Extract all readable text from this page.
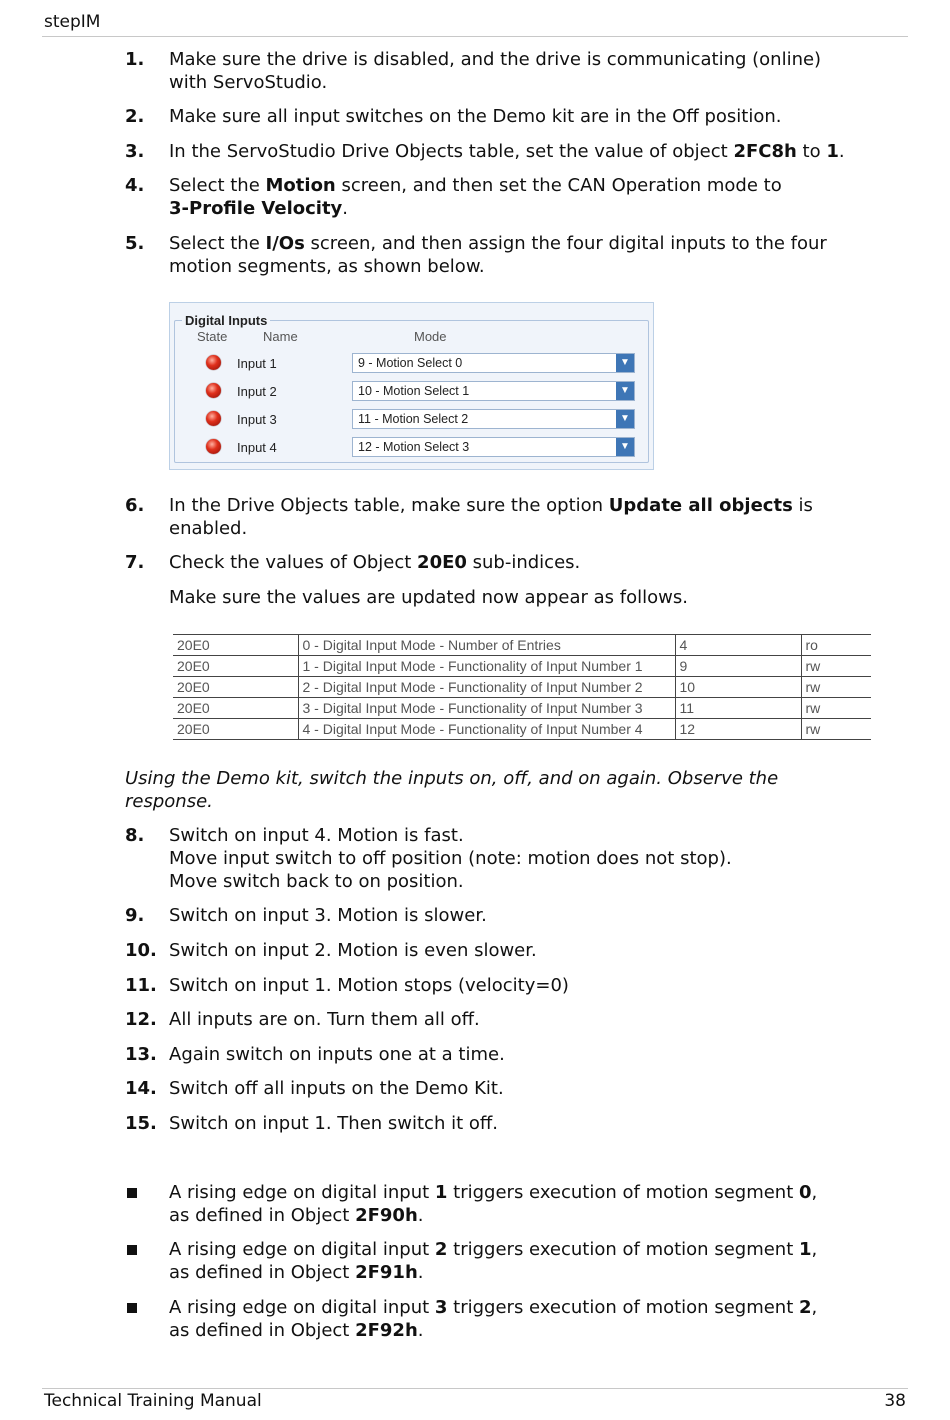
stepIM
1. Make sure the drive is disabled, and the drive is communicating (online)
with ServoStudio.
2. Make sure all input switches on the Demo kit are in the Off position.
3. In the ServoStudio Drive Objects table, set the value of object 2FC8h to 1.
4. Select the Motion screen, and then set the CAN Operation mode to
3-Profile Velocity.
5. Select the I/Os screen, and then assign the four digital inputs to the four
motion segments, as shown below.
Digital Inputs
State	Name	Mode
Input 1	9 - Motion Select 0	▼
Input 2	10 - Motion Select 1	▼
Input 3	11 - Motion Select 2	▼
Input 4	12 - Motion Select 3	▼
6. In the Drive Objects table, make sure the option Update all objects is
enabled.
7. Check the values of Object 20E0 sub-indices.
Make sure the values are updated now appear as follows.
20E0	0 - Digital Input Mode - Number of Entries	4	ro
20E0	1 - Digital Input Mode - Functionality of Input Number 1	9	rw
20E0	2 - Digital Input Mode - Functionality of Input Number 2	10	rw
20E0	3 - Digital Input Mode - Functionality of Input Number 3	11	rw
20E0	4 - Digital Input Mode - Functionality of Input Number 4	12	rw
Using the Demo kit, switch the inputs on, off, and on again. Observe the
response.
8. Switch on input 4. Motion is fast.
Move input switch to off position (note: motion does not stop).
Move switch back to on position.
9. Switch on input 3. Motion is slower.
10. Switch on input 2. Motion is even slower.
11. Switch on input 1. Motion stops (velocity=0)
12. All inputs are on. Turn them all off.
13. Again switch on inputs one at a time.
14. Switch off all inputs on the Demo Kit.
15. Switch on input 1. Then switch it off.
A rising edge on digital input 1 triggers execution of motion segment 0,
as defined in Object 2F90h.
A rising edge on digital input 2 triggers execution of motion segment 1,
as defined in Object 2F91h.
A rising edge on digital input 3 triggers execution of motion segment 2,
as defined in Object 2F92h.
Technical Training Manual	38
